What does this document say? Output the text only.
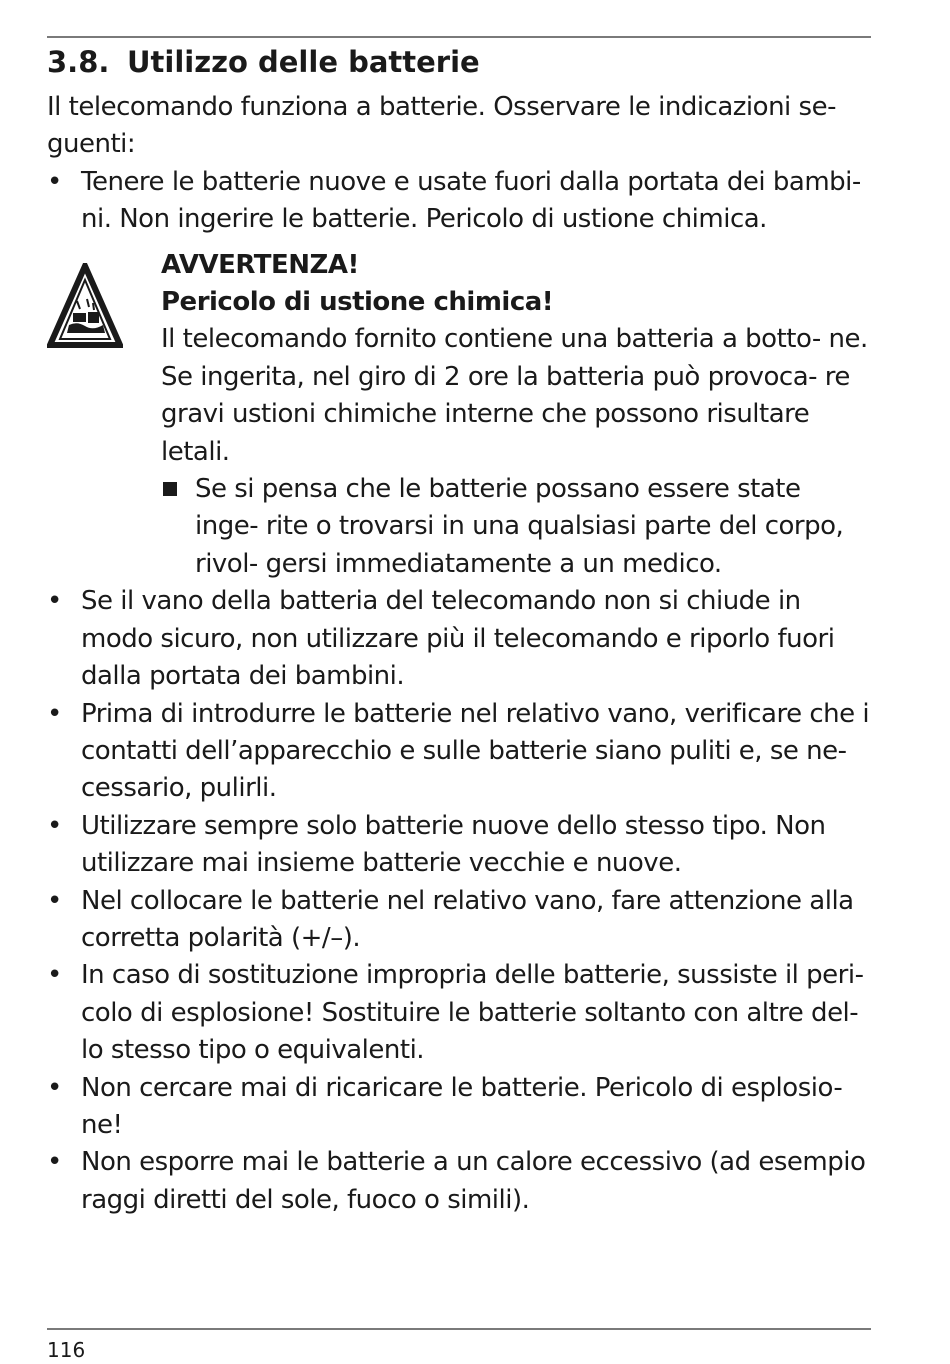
3.8. Utilizzo delle batterie

Il telecomando funziona a batterie. Osservare le indicazioni se- guenti:

• Tenere le batterie nuove e usate fuori dalla portata dei bambi- ni. Non ingerire le batterie. Pericolo di ustione chimica.

AVVERTENZA!

Pericolo di ustione chimica!

Il telecomando fornito contiene una batteria a botto- ne. Se ingerita, nel giro di 2 ore la batteria può provoca- re gravi ustioni chimiche interne che possono risultare letali.

Se si pensa che le batterie possano essere state inge- rite o trovarsi in una qualsiasi parte del corpo, rivol- gersi immediatamente a un medico.
• Se il vano della batteria del telecomando non si chiude in modo sicuro, non utilizzare più il telecomando e riporlo fuori dalla portata dei bambini.
• Prima di introdurre le batterie nel relativo vano, verificare che i contatti dell’apparecchio e sulle batterie siano puliti e, se ne- cessario, pulirli.
• Utilizzare sempre solo batterie nuove dello stesso tipo. Non utilizzare mai insieme batterie vecchie e nuove.
• Nel collocare le batterie nel relativo vano, fare attenzione alla corretta polarità (+/–).
• In caso di sostituzione impropria delle batterie, sussiste il peri- colo di esplosione! Sostituire le batterie soltanto con altre del- lo stesso tipo o equivalenti.
• Non cercare mai di ricaricare le batterie. Pericolo di esplosio- ne!
• Non esporre mai le batterie a un calore eccessivo (ad esempio raggi diretti del sole, fuoco o simili).
116
